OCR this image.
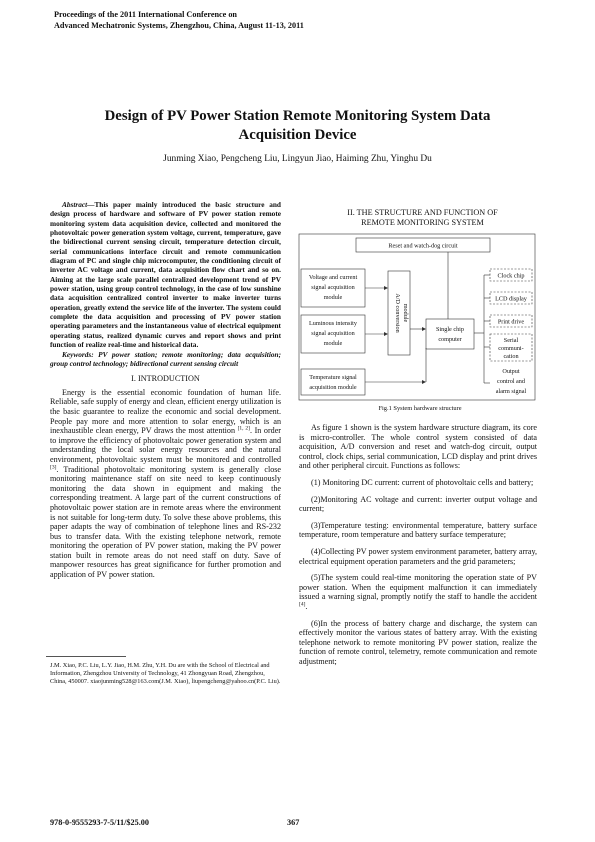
Proceedings of the 2011 International Conference on
Advanced Mechatronic Systems, Zhengzhou, China, August 11-13, 2011
Design of PV Power Station Remote Monitoring System Data
Acquisition Device
Junming Xiao, Pengcheng Liu, Lingyun Jiao, Haiming Zhu, Yinghu Du

Abstract—This paper mainly introduced the basic structure and design process of hardware and software of PV power station remote monitoring system data acquisition device, collected and monitored the photovoltaic power generation system voltage, current, temperature, gave the bidirectional current sensing circuit, temperature detection circuit, serial communications interface circuit and remote communication diagram of PC and single chip microcomputer, the conditioning circuit of inverter AC voltage and current, data acquisition flow chart and so on. Aiming at the large scale parallel centralized development trend of PV power station, using group control technology, in the case of low sunshine data acquisition centralized control inverter to make inverter turns operation, greatly extend the service life of the inverter. The system could complete the data acquisition and processing of PV power station operating parameters and the instantaneous value of electrical equipment operating status, realized dynamic curves and report shows and print function of realize real-time and historical data.

Keywords: PV power station; remote monitoring; data acquisition; group control technology; bidirectional current sensing circuit

I. INTRODUCTION

Energy is the essential economic foundation of human life. Reliable, safe supply of energy and clean, efficient energy utilization is the basic guarantee to realize the economic and social development. People pay more and more attention to solar energy, which is an inexhaustible clean energy, PV draws the most attention [1, 2]. In order to improve the efficiency of photovoltaic power generation system and understanding the local solar energy resources and the natural environment, photovoltaic system must be monitored and controlled [3]. Traditional photovoltaic monitoring system is generally close monitoring maintenance staff on site need to keep continuously monitoring the data shown in equipment and making the corresponding treatment. A large part of the current constructions of photovoltaic power station are in remote areas where the environment is not suitable for long-term duty. To solve these above problems, this paper adapts the way of combination of telephone lines and RS-232 bus to transfer data. With the existing telephone network, remote monitoring the operation of PV power station, making the PV power station built in remote areas do not need staff on duty. Save of manpower resources has great significance for further promotion and application of PV power station.

J.M. Xiao, P.C. Liu, L.Y. Jiao, H.M. Zhu, Y.H. Du are with the School of Electrical and Information, Zhengzhou University of Technology, 41 Zhongyuan Road, Zhengzhou, China, 450007. xiaojunming528@163.com(J.M. Xiao), liupengcheng@yahoo.cn(P.C. Liu).
II. THE STRUCTURE AND FUNCTION OF
REMOTE MONITORING SYSTEM
Reset and watch-dog circuit
Voltage and current
signal acquisition
module
Luminous intensity
signal acquisition
module
Temperature signal
acquisition module
A/D conversion module
Single chip
computer
Clock chip
LCD display
Print drive
Serial
communi-
cation
Output
control and
alarm signal
Fig.1 System hardware structure

As figure 1 shown is the system hardware structure diagram, its core is micro-controller. The whole control system consisted of data acquisition, A/D conversion and reset and watch-dog circuit, output control, clock chips, serial communication, LCD display and print drives and other peripheral circuit. Functions as follows:

(1) Monitoring DC current: current of photovoltaic cells and battery;

(2)Monitoring AC voltage and current: inverter output voltage and current;

(3)Temperature testing: environmental temperature, battery surface temperature, room temperature and battery surface temperature;

(4)Collecting PV power system environment parameter, battery array, electrical equipment operation parameters and the grid parameters;

(5)The system could real-time monitoring the operation state of PV power station. When the equipment malfunction it can immediately issued a warning signal, promptly notify the staff to handle the accident [4].

(6)In the process of battery charge and discharge, the system can effectively monitor the various states of battery array. With the existing telephone network to remote monitoring PV power station, realize the function of remote control, telemetry, remote communication and remote adjustment;

978-0-9555293-7-5/11/$25.00	367
